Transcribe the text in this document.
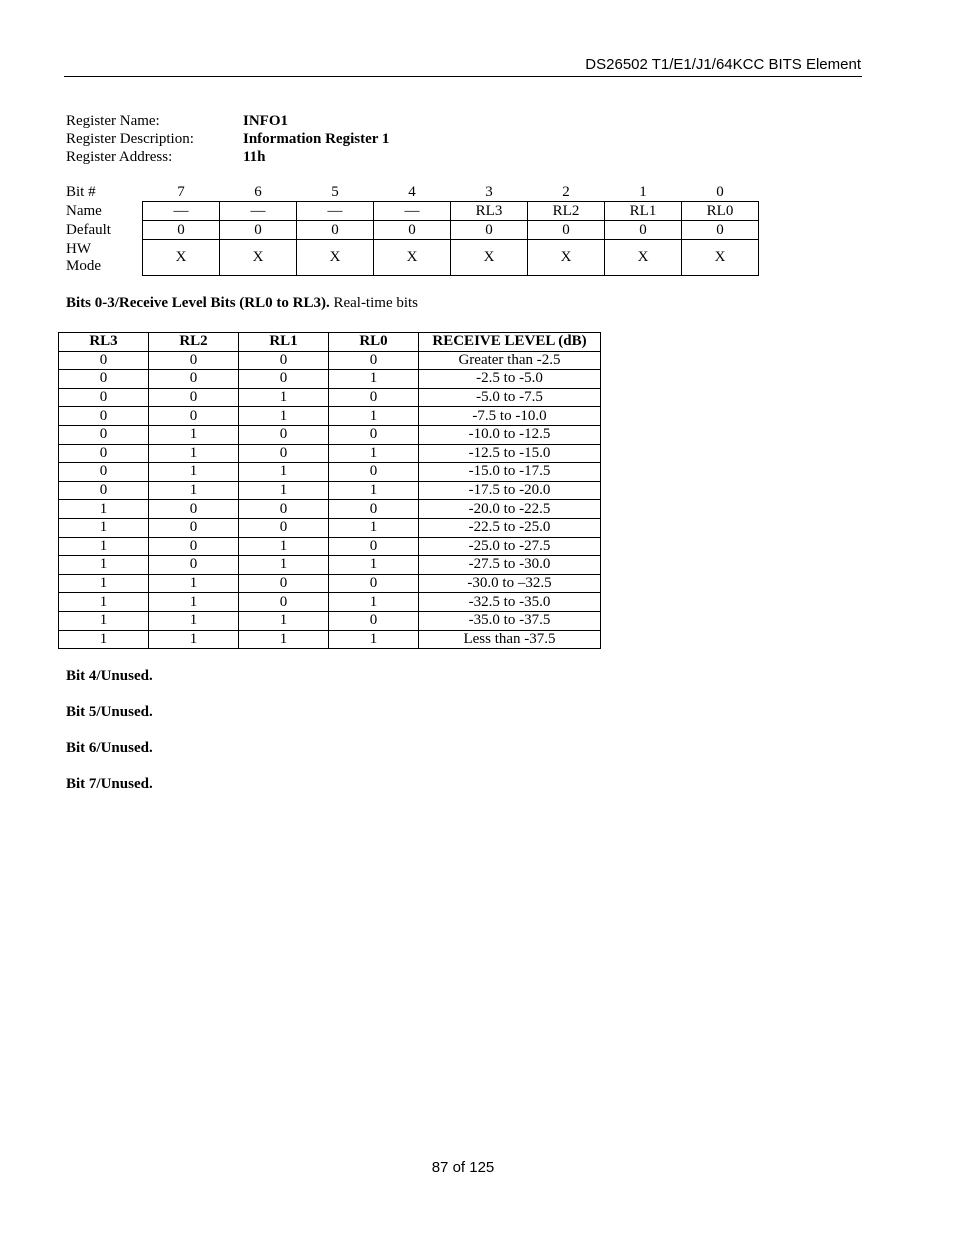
DS26502 T1/E1/J1/64KCC BITS Element
Register Name:	INFO1
Register Description:	Information Register 1
Register Address:	11h
Bit #	7	6	5	4	3	2	1	0
Name	—	—	—	—	RL3	RL2	RL1	RL0
Default	0	0	0	0	0	0	0	0
HW
Mode	X	X	X	X	X	X	X	X
Bits 0-3/Receive Level Bits (RL0 to RL3). Real-time bits
RL3	RL2	RL1	RL0	RECEIVE LEVEL (dB)
0	0	0	0	Greater than -2.5
0	0	0	1	-2.5 to -5.0
0	0	1	0	-5.0 to -7.5
0	0	1	1	-7.5 to -10.0
0	1	0	0	-10.0 to -12.5
0	1	0	1	-12.5 to -15.0
0	1	1	0	-15.0 to -17.5
0	1	1	1	-17.5 to -20.0
1	0	0	0	-20.0 to -22.5
1	0	0	1	-22.5 to -25.0
1	0	1	0	-25.0 to -27.5
1	0	1	1	-27.5 to -30.0
1	1	0	0	-30.0 to –32.5
1	1	0	1	-32.5 to -35.0
1	1	1	0	-35.0 to -37.5
1	1	1	1	Less than -37.5
Bit 4/Unused.
Bit 5/Unused.
Bit 6/Unused.
Bit 7/Unused.
87 of 125
